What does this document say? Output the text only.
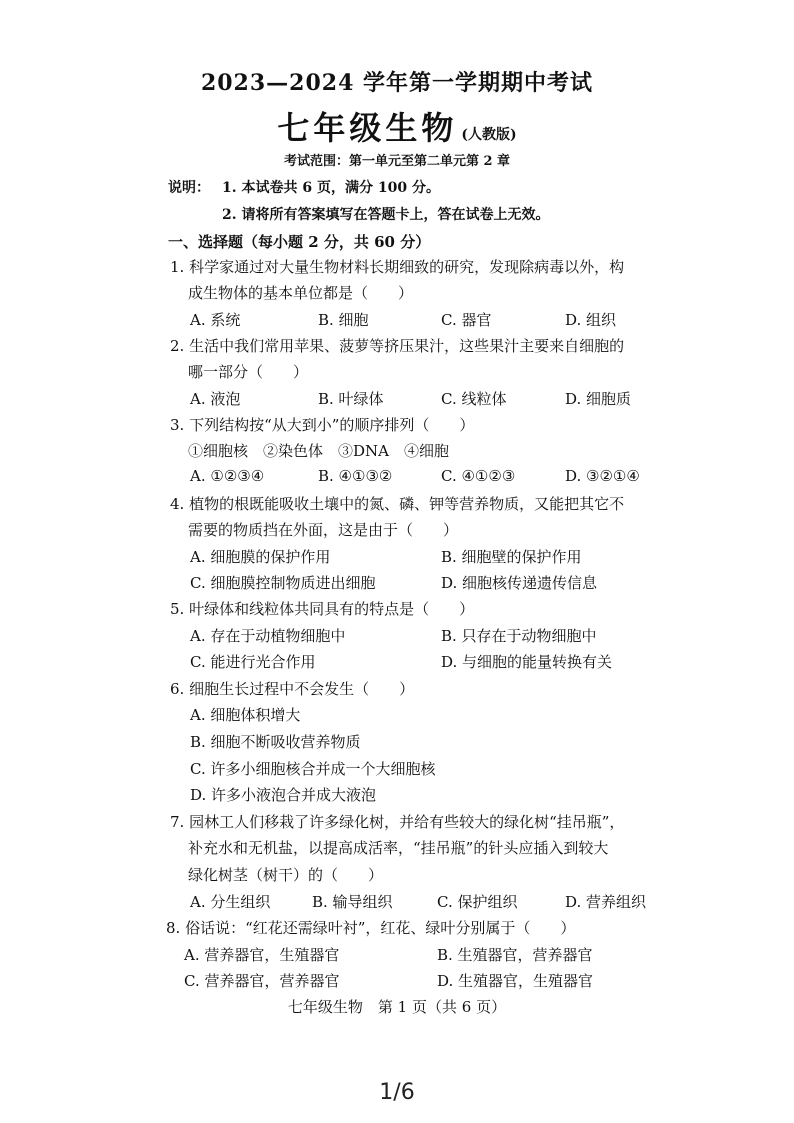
2023—2024 学年第一学期期中考试
七年级生物 (人教版)
考试范围：第一单元至第二单元第 2 章
说明： 1. 本试卷共 6 页，满分 100 分。
2. 请将所有答案填写在答题卡上，答在试卷上无效。
一、选择题（每小题 2 分，共 60 分）
1. 科学家通过对大量生物材料长期细致的研究，发现除病毒以外，构
成生物体的基本单位都是（　　）
A. 系统	B. 细胞	C. 器官	D. 组织
2. 生活中我们常用苹果、菠萝等挤压果汁，这些果汁主要来自细胞的
哪一部分（　　）
A. 液泡	B. 叶绿体	C. 线粒体	D. 细胞质
3. 下列结构按“从大到小”的顺序排列（　　）
①细胞核　②染色体　③DNA　④细胞
A. ①②③④	B. ④①③②	C. ④①②③	D. ③②①④
4. 植物的根既能吸收土壤中的氮、磷、钾等营养物质，又能把其它不
需要的物质挡在外面，这是由于（　　）
A. 细胞膜的保护作用	B. 细胞壁的保护作用
C. 细胞膜控制物质进出细胞	D. 细胞核传递遗传信息
5. 叶绿体和线粒体共同具有的特点是（　　）
A. 存在于动植物细胞中	B. 只存在于动物细胞中
C. 能进行光合作用	D. 与细胞的能量转换有关
6. 细胞生长过程中不会发生（　　）
A. 细胞体积增大
B. 细胞不断吸收营养物质
C. 许多小细胞核合并成一个大细胞核
D. 许多小液泡合并成大液泡
7. 园林工人们移栽了许多绿化树，并给有些较大的绿化树“挂吊瓶”，
补充水和无机盐，以提高成活率，“挂吊瓶”的针头应插入到较大
绿化树茎（树干）的（　　）
A. 分生组织	B. 输导组织	C. 保护组织	D. 营养组织
8. 俗话说：“红花还需绿叶衬”，红花、绿叶分别属于（　　）
A. 营养器官，生殖器官	B. 生殖器官，营养器官
C. 营养器官，营养器官	D. 生殖器官，生殖器官
七年级生物　第 1 页（共 6 页）
1/6
